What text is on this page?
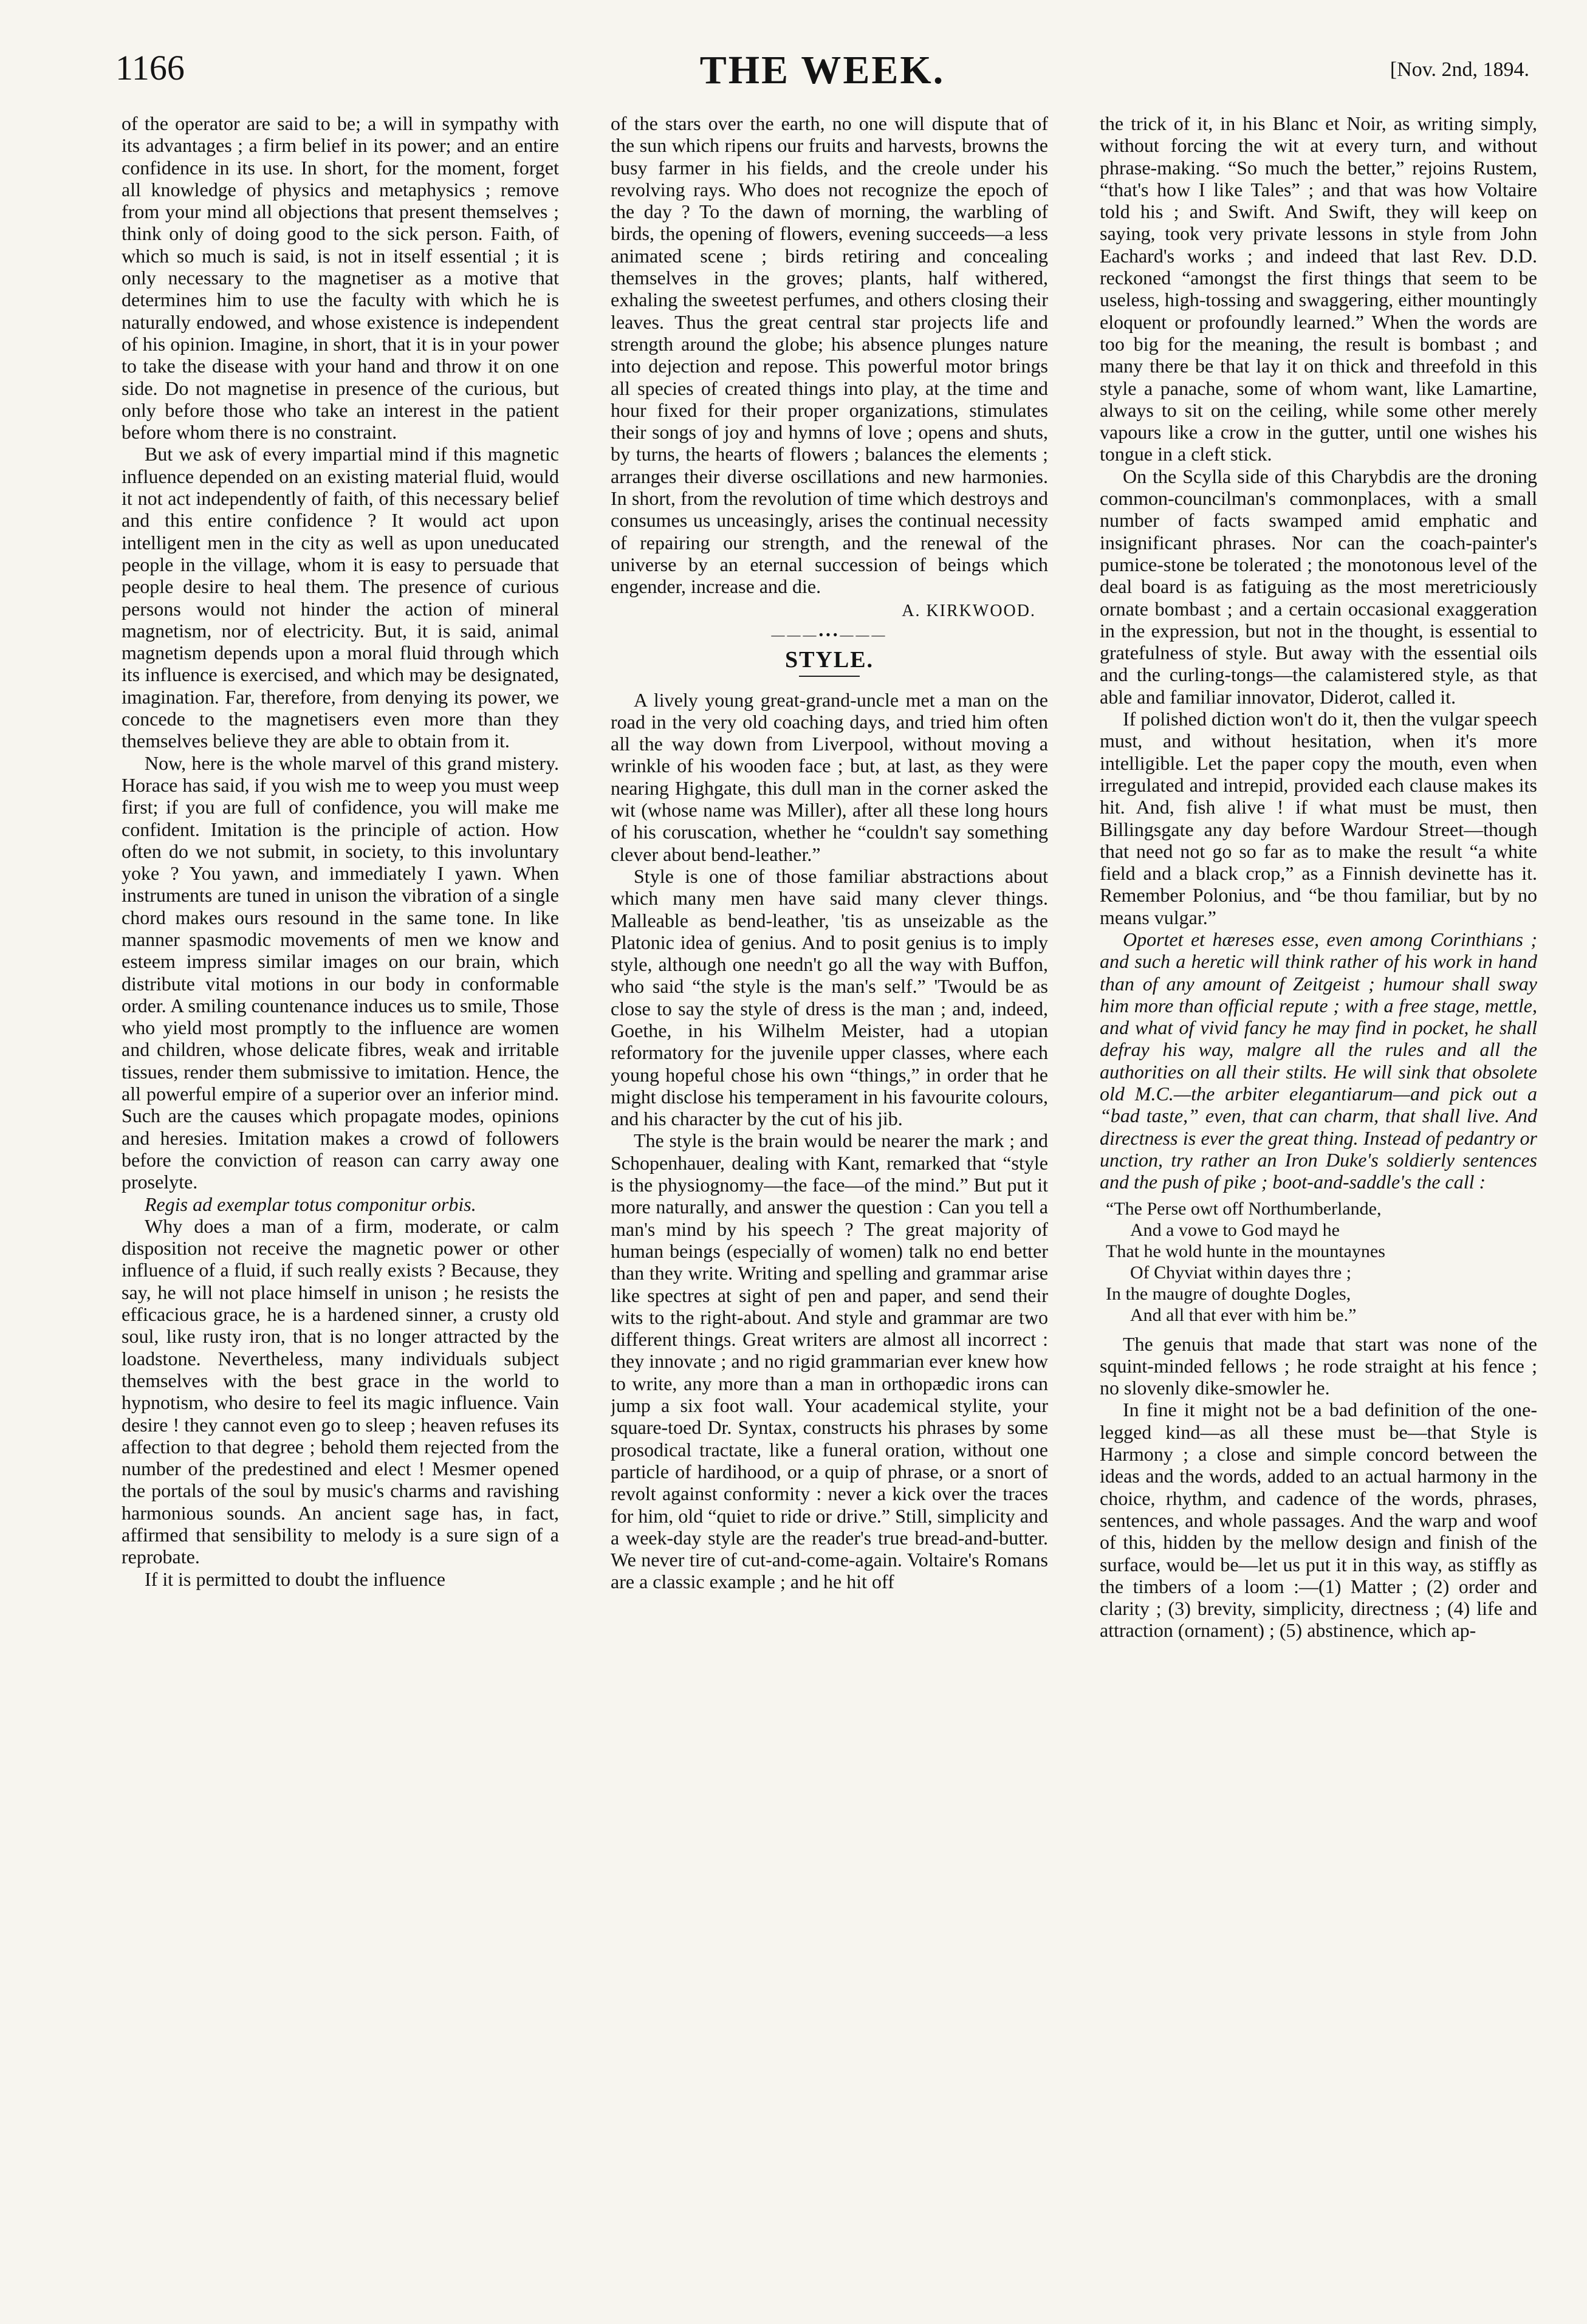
1166	THE WEEK.	[Nov. 2nd, 1894.

of the operator are said to be; a will in sympathy with its advantages ; a firm belief in its power; and an entire confidence in its use. In short, for the moment, forget all knowledge of physics and metaphysics ; remove from your mind all objections that present themselves ; think only of doing good to the sick person. Faith, of which so much is said, is not in itself essential ; it is only necessary to the magnetiser as a motive that determines him to use the faculty with which he is naturally endowed, and whose existence is independent of his opinion. Imagine, in short, that it is in your power to take the disease with your hand and throw it on one side. Do not magnetise in presence of the curious, but only before those who take an interest in the patient before whom there is no constraint.

But we ask of every impartial mind if this magnetic influence depended on an existing material fluid, would it not act independently of faith, of this necessary belief and this entire confidence ? It would act upon intelligent men in the city as well as upon uneducated people in the village, whom it is easy to persuade that people desire to heal them. The presence of curious persons would not hinder the action of mineral magnetism, nor of electricity. But, it is said, animal magnetism depends upon a moral fluid through which its influence is exercised, and which may be designated, imagination. Far, therefore, from denying its power, we concede to the magnetisers even more than they themselves believe they are able to obtain from it.

Now, here is the whole marvel of this grand mistery. Horace has said, if you wish me to weep you must weep first; if you are full of confidence, you will make me confident. Imitation is the principle of action. How often do we not submit, in society, to this involuntary yoke ? You yawn, and immediately I yawn. When instruments are tuned in unison the vibration of a single chord makes ours resound in the same tone. In like manner spasmodic movements of men we know and esteem impress similar images on our brain, which distribute vital motions in our body in conformable order. A smiling countenance induces us to smile, Those who yield most promptly to the influence are women and children, whose delicate fibres, weak and irritable tissues, render them submissive to imitation. Hence, the all powerful empire of a superior over an inferior mind. Such are the causes which propagate modes, opinions and heresies. Imitation makes a crowd of followers before the conviction of reason can carry away one proselyte.

Regis ad exemplar totus componitur orbis.

Why does a man of a firm, moderate, or calm disposition not receive the magnetic power or other influence of a fluid, if such really exists ? Because, they say, he will not place himself in unison ; he resists the efficacious grace, he is a hardened sinner, a crusty old soul, like rusty iron, that is no longer attracted by the loadstone. Nevertheless, many individuals subject themselves with the best grace in the world to hypnotism, who desire to feel its magic influence. Vain desire ! they cannot even go to sleep ; heaven refuses its affection to that degree ; behold them rejected from the number of the predestined and elect ! Mesmer opened the portals of the soul by music's charms and ravishing harmonious sounds. An ancient sage has, in fact, affirmed that sensibility to melody is a sure sign of a reprobate.

If it is permitted to doubt the influence

of the stars over the earth, no one will dispute that of the sun which ripens our fruits and harvests, browns the busy farmer in his fields, and the creole under his revolving rays. Who does not recognize the epoch of the day ? To the dawn of morning, the warbling of birds, the opening of flowers, evening succeeds—a less animated scene ; birds retiring and concealing themselves in the groves; plants, half withered, exhaling the sweetest perfumes, and others closing their leaves. Thus the great central star projects life and strength around the globe; his absence plunges nature into dejection and repose. This powerful motor brings all species of created things into play, at the time and hour fixed for their proper organizations, stimulates their songs of joy and hymns of love ; opens and shuts, by turns, the hearts of flowers ; balances the elements ; arranges their diverse oscillations and new harmonies. In short, from the revolution of time which destroys and consumes us unceasingly, arises the continual necessity of repairing our strength, and the renewal of the universe by an eternal succession of beings which engender, increase and die.

A. KIRKWOOD.
———•••———
STYLE.

A lively young great-grand-uncle met a man on the road in the very old coaching days, and tried him often all the way down from Liverpool, without moving a wrinkle of his wooden face ; but, at last, as they were nearing Highgate, this dull man in the corner asked the wit (whose name was Miller), after all these long hours of his coruscation, whether he “couldn't say something clever about bend-leather.”

Style is one of those familiar abstractions about which many men have said many clever things. Malleable as bend-leather, 'tis as unseizable as the Platonic idea of genius. And to posit genius is to imply style, although one needn't go all the way with Buffon, who said “the style is the man's self.” 'Twould be as close to say the style of dress is the man ; and, indeed, Goethe, in his Wilhelm Meister, had a utopian reformatory for the juvenile upper classes, where each young hopeful chose his own “things,” in order that he might disclose his temperament in his favourite colours, and his character by the cut of his jib.

The style is the brain would be nearer the mark ; and Schopenhauer, dealing with Kant, remarked that “style is the physiognomy—the face—of the mind.” But put it more naturally, and answer the question : Can you tell a man's mind by his speech ? The great majority of human beings (especially of women) talk no end better than they write. Writing and spelling and grammar arise like spectres at sight of pen and paper, and send their wits to the right-about. And style and grammar are two different things. Great writers are almost all incorrect : they innovate ; and no rigid grammarian ever knew how to write, any more than a man in orthopædic irons can jump a six foot wall. Your academical stylite, your square-toed Dr. Syntax, constructs his phrases by some prosodical tractate, like a funeral oration, without one particle of hardihood, or a quip of phrase, or a snort of revolt against conformity : never a kick over the traces for him, old “quiet to ride or drive.” Still, simplicity and a week-day style are the reader's true bread-and-butter. We never tire of cut-and-come-again. Voltaire's Romans are a classic example ; and he hit off

the trick of it, in his Blanc et Noir, as writing simply, without forcing the wit at every turn, and without phrase-making. “So much the better,” rejoins Rustem, “that's how I like Tales” ; and that was how Voltaire told his ; and Swift. And Swift, they will keep on saying, took very private lessons in style from John Eachard's works ; and indeed that last Rev. D.D. reckoned “amongst the first things that seem to be useless, high-tossing and swaggering, either mountingly eloquent or profoundly learned.” When the words are too big for the meaning, the result is bombast ; and many there be that lay it on thick and threefold in this style a panache, some of whom want, like Lamartine, always to sit on the ceiling, while some other merely vapours like a crow in the gutter, until one wishes his tongue in a cleft stick.

On the Scylla side of this Charybdis are the droning common-councilman's commonplaces, with a small number of facts swamped amid emphatic and insignificant phrases. Nor can the coach-painter's pumice-stone be tolerated ; the monotonous level of the deal board is as fatiguing as the most meretriciously ornate bombast ; and a certain occasional exaggeration in the expression, but not in the thought, is essential to gratefulness of style. But away with the essential oils and the curling-tongs—the calamistered style, as that able and familiar innovator, Diderot, called it.

If polished diction won't do it, then the vulgar speech must, and without hesitation, when it's more intelligible. Let the paper copy the mouth, even when irregulated and intrepid, provided each clause makes its hit. And, fish alive ! if what must be must, then Billingsgate any day before Wardour Street—though that need not go so far as to make the result “a white field and a black crop,” as a Finnish devinette has it. Remember Polonius, and “be thou familiar, but by no means vulgar.”

Oportet et hæreses esse, even among Corinthians ; and such a heretic will think rather of his work in hand than of any amount of Zeitgeist ; humour shall sway him more than official repute ; with a free stage, mettle, and what of vivid fancy he may find in pocket, he shall defray his way, malgre all the rules and all the authorities on all their stilts. He will sink that obsolete old M.C.—the arbiter elegantiarum—and pick out a “bad taste,” even, that can charm, that shall live. And directness is ever the great thing. Instead of pedantry or unction, try rather an Iron Duke's soldierly sentences and the push of pike ; boot-and-saddle's the call :

“The Perse owt off Northumberlande,
And a vowe to God mayd he
That he wold hunte in the mountaynes
Of Chyviat within dayes thre ;
In the maugre of doughte Dogles,
And all that ever with him be.”

The genuis that made that start was none of the squint-minded fellows ; he rode straight at his fence ; no slovenly dike-smowler he.

In fine it might not be a bad definition of the one-legged kind—as all these must be—that Style is Harmony ; a close and simple concord between the ideas and the words, added to an actual harmony in the choice, rhythm, and cadence of the words, phrases, sentences, and whole passages. And the warp and woof of this, hidden by the mellow design and finish of the surface, would be—let us put it in this way, as stiffly as the timbers of a loom :—(1) Matter ; (2) order and clarity ; (3) brevity, simplicity, directness ; (4) life and attraction (ornament) ; (5) abstinence, which ap-
